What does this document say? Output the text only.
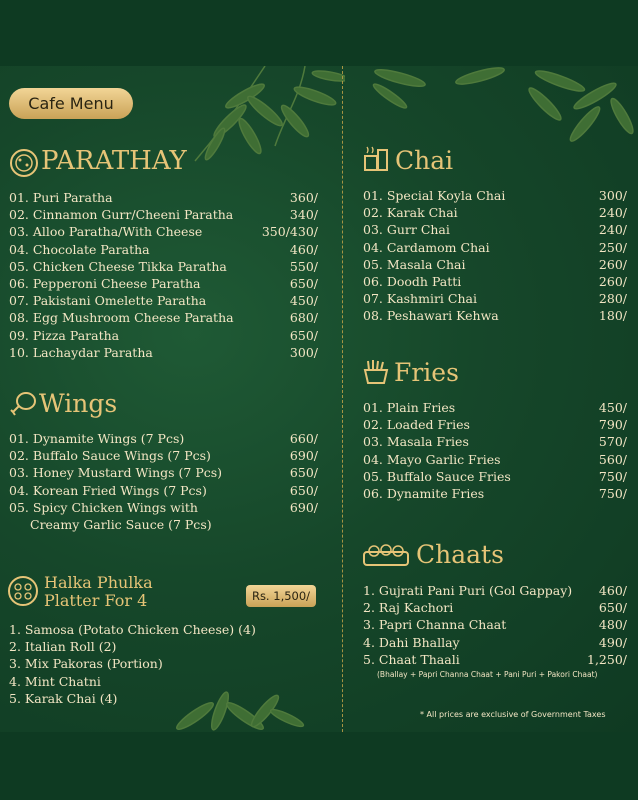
Cafe Menu
PARATHAY
01. Puri Paratha	360/
02. Cinnamon Gurr/Cheeni Paratha	340/
03. Alloo Paratha/With Cheese	350/430/
04. Chocolate Paratha	460/
05. Chicken Cheese Tikka Paratha	550/
06. Pepperoni Cheese Paratha	650/
07. Pakistani Omelette Paratha	450/
08. Egg Mushroom Cheese Paratha	680/
09. Pizza Paratha	650/
10. Lachaydar Paratha	300/
Wings
01. Dynamite Wings (7 Pcs)	660/
02. Buffalo Sauce Wings (7 Pcs)	690/
03. Honey Mustard Wings (7 Pcs)	650/
04. Korean Fried Wings (7 Pcs)	650/
05. Spicy Chicken Wings with	690/
Creamy Garlic Sauce (7 Pcs)
Halka Phulka
Platter For 4	Rs. 1,500/
1. Samosa (Potato Chicken Cheese) (4)
2. Italian Roll (2)
3. Mix Pakoras (Portion)
4. Mint Chatni
5. Karak Chai (4)
Chai
01. Special Koyla Chai	300/
02. Karak Chai	240/
03. Gurr Chai	240/
04. Cardamom Chai	250/
05. Masala Chai	260/
06. Doodh Patti	260/
07. Kashmiri Chai	280/
08. Peshawari Kehwa	180/
Fries
01. Plain Fries	450/
02. Loaded Fries	790/
03. Masala Fries	570/
04. Mayo Garlic Fries	560/
05. Buffalo Sauce Fries	750/
06. Dynamite Fries	750/
Chaats
1. Gujrati Pani Puri (Gol Gappay) 460/
2. Raj Kachori	650/
3. Papri Channa Chaat	480/
4. Dahi Bhallay	490/
5. Chaat Thaali	1,250/
(Bhallay + Papri Channa Chaat + Pani Puri + Pakori Chaat)
* All prices are exclusive of Government Taxes
